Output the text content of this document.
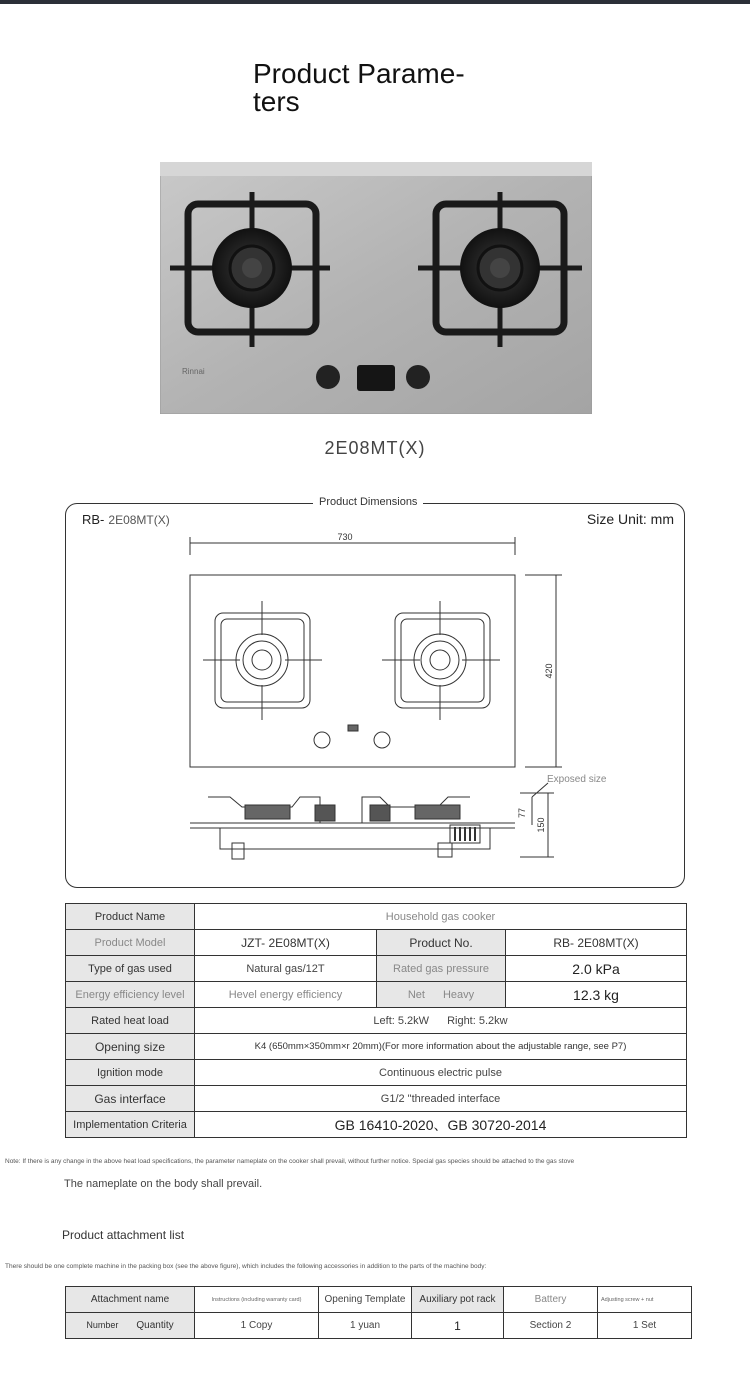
Product Parame-
ters
Rinnai
2E08MT(X)
Product Dimensions
RB- 2E08MT(X)	Size Unit: mm
730
420
77
150
Exposed size
Product Name	Household gas cooker		
Product Model	JZT- 2E08MT(X)	Product No.	RB- 2E08MT(X)
Type of gas used	Natural gas/12T	Rated gas pressure	2.0 kPa
Energy efficiency level	Hevel energy efficiency	Net Heavy	12.3 kg
Rated heat load	Left: 5.2kW Right: 5.2kw		
Opening size	K4 (650mm×350mm×r 20mm)(For more information about the adjustable range, see P7)		
Ignition mode	Continuous electric pulse		
Gas interface	G1/2 "threaded interface		
Implementation Criteria	GB 16410-2020、GB 30720-2014		
Note: If there is any change in the above heat load specifications, the parameter nameplate on the cooker shall prevail, without further notice. Special gas species should be attached to the gas stove
The nameplate on the body shall prevail.
Product attachment list
There should be one complete machine in the packing box (see the above figure), which includes the following accessories in addition to the parts of the machine body:
Attachment name	Instructions (including warranty card)	Opening Template	Auxiliary pot rack	Battery	Adjusting screw + nut
Number Quantity	1 Copy	1 yuan	1	Section 2	1 Set
